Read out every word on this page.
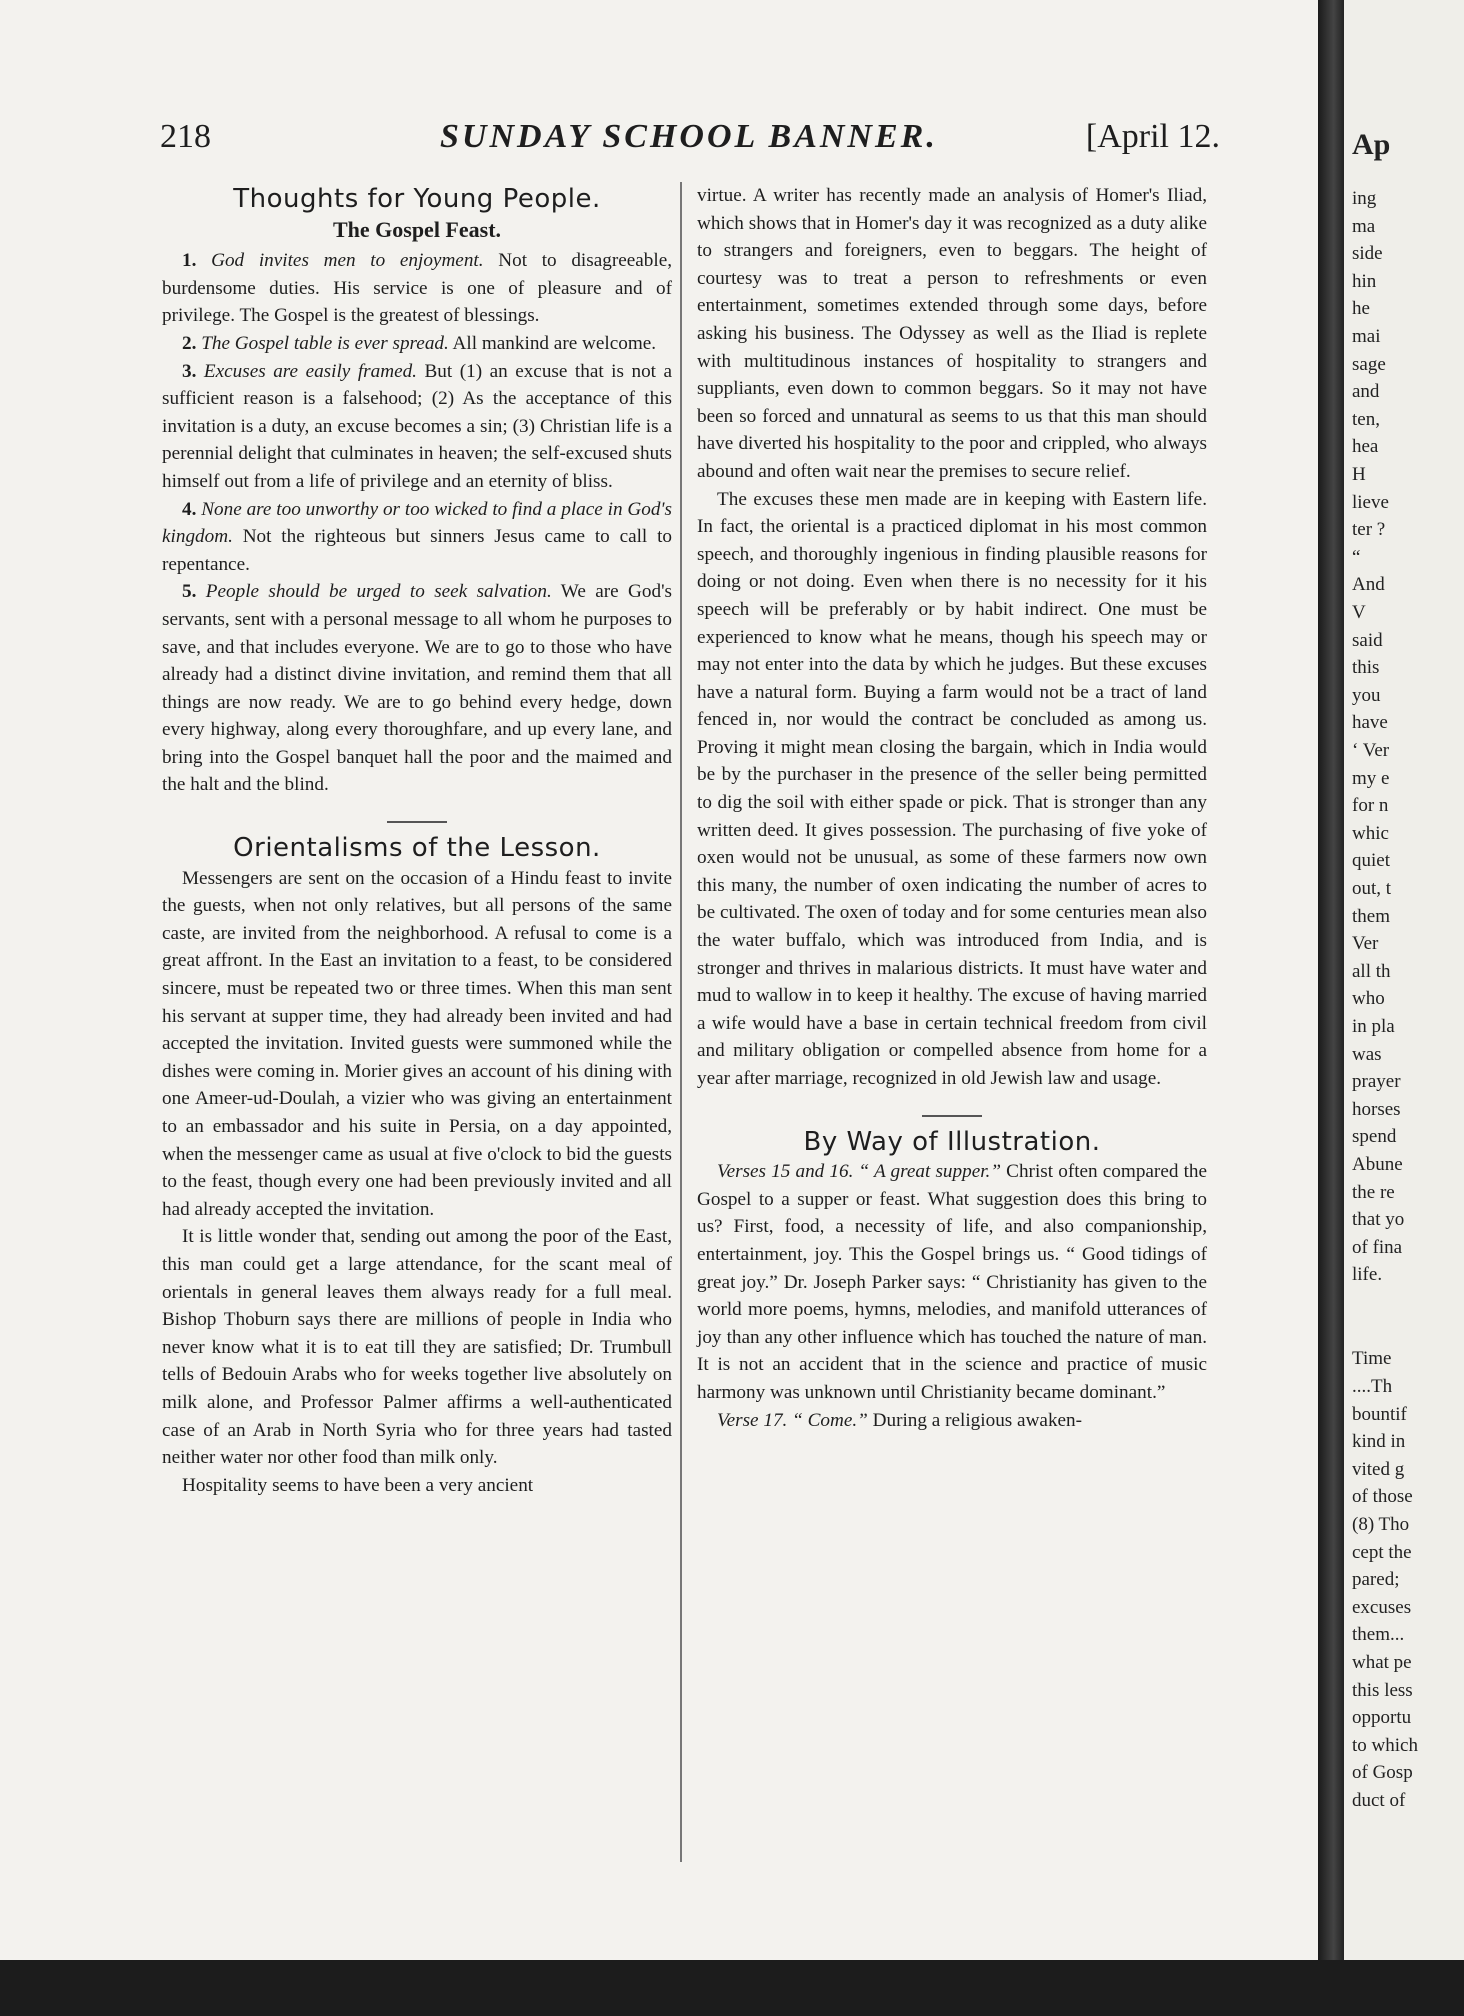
218	SUNDAY SCHOOL BANNER.	[April 12.
Thoughts for Young People.
The Gospel Feast.

1. God invites men to enjoyment. Not to disagreeable, burdensome duties. His service is one of pleasure and of privilege. The Gospel is the greatest of blessings.

2. The Gospel table is ever spread. All mankind are welcome.

3. Excuses are easily framed. But (1) an excuse that is not a sufficient reason is a falsehood; (2) As the acceptance of this invitation is a duty, an excuse becomes a sin; (3) Christian life is a perennial delight that culminates in heaven; the self-excused shuts himself out from a life of privilege and an eternity of bliss.

4. None are too unworthy or too wicked to find a place in God's kingdom. Not the righteous but sinners Jesus came to call to repentance.

5. People should be urged to seek salvation. We are God's servants, sent with a personal message to all whom he purposes to save, and that includes everyone. We are to go to those who have already had a distinct divine invitation, and remind them that all things are now ready. We are to go behind every hedge, down every highway, along every thoroughfare, and up every lane, and bring into the Gospel banquet hall the poor and the maimed and the halt and the blind.

Orientalisms of the Lesson.

Messengers are sent on the occasion of a Hindu feast to invite the guests, when not only relatives, but all persons of the same caste, are invited from the neighborhood. A refusal to come is a great affront. In the East an invitation to a feast, to be considered sincere, must be repeated two or three times. When this man sent his servant at supper time, they had already been invited and had accepted the invitation. Invited guests were summoned while the dishes were coming in. Morier gives an account of his dining with one Ameer-ud-Doulah, a vizier who was giving an entertainment to an embassador and his suite in Persia, on a day appointed, when the messenger came as usual at five o'clock to bid the guests to the feast, though every one had been previously invited and all had already accepted the invitation.

It is little wonder that, sending out among the poor of the East, this man could get a large attendance, for the scant meal of orientals in general leaves them always ready for a full meal. Bishop Thoburn says there are millions of people in India who never know what it is to eat till they are satisfied; Dr. Trumbull tells of Bedouin Arabs who for weeks together live absolutely on milk alone, and Professor Palmer affirms a well-authenticated case of an Arab in North Syria who for three years had tasted neither water nor other food than milk only.

Hospitality seems to have been a very ancient

virtue. A writer has recently made an analysis of Homer's Iliad, which shows that in Homer's day it was recognized as a duty alike to strangers and foreigners, even to beggars. The height of courtesy was to treat a person to refreshments or even entertainment, sometimes extended through some days, before asking his business. The Odyssey as well as the Iliad is replete with multitudinous instances of hospitality to strangers and suppliants, even down to common beggars. So it may not have been so forced and unnatural as seems to us that this man should have diverted his hospitality to the poor and crippled, who always abound and often wait near the premises to secure relief.

The excuses these men made are in keeping with Eastern life. In fact, the oriental is a practiced diplomat in his most common speech, and thoroughly ingenious in finding plausible reasons for doing or not doing. Even when there is no necessity for it his speech will be preferably or by habit indirect. One must be experienced to know what he means, though his speech may or may not enter into the data by which he judges. But these excuses have a natural form. Buying a farm would not be a tract of land fenced in, nor would the contract be concluded as among us. Proving it might mean closing the bargain, which in India would be by the purchaser in the presence of the seller being permitted to dig the soil with either spade or pick. That is stronger than any written deed. It gives possession. The purchasing of five yoke of oxen would not be unusual, as some of these farmers now own this many, the number of oxen indicating the number of acres to be cultivated. The oxen of today and for some centuries mean also the water buffalo, which was introduced from India, and is stronger and thrives in malarious districts. It must have water and mud to wallow in to keep it healthy. The excuse of having married a wife would have a base in certain technical freedom from civil and military obligation or compelled absence from home for a year after marriage, recognized in old Jewish law and usage.

By Way of Illustration.

Verses 15 and 16. “ A great supper.” Christ often compared the Gospel to a supper or feast. What suggestion does this bring to us? First, food, a necessity of life, and also companionship, entertainment, joy. This the Gospel brings us. “ Good tidings of great joy.” Dr. Joseph Parker says: “ Christianity has given to the world more poems, hymns, melodies, and manifold utterances of joy than any other influence which has touched the nature of man. It is not an accident that in the science and practice of music harmony was unknown until Christianity became dominant.”

Verse 17. “ Come.” During a religious awaken-

Ap
ing
ma
side
hin
he
mai
sage
and
ten,
hea
H
lieve
ter ?
“
And
V
said
this
you
have
‘ Ver
my e
for n
whic
quiet
out, t
them
Ver
all th
who
in pla
was
prayer
horses
spend
Abune
the re
that yo
of fina
life.
Time
....Th
bountif
kind in
vited g
of those
(8) Tho
cept the
pared;
excuses
them...
what pe
this less
opportu
to which
of Gosp
duct of
